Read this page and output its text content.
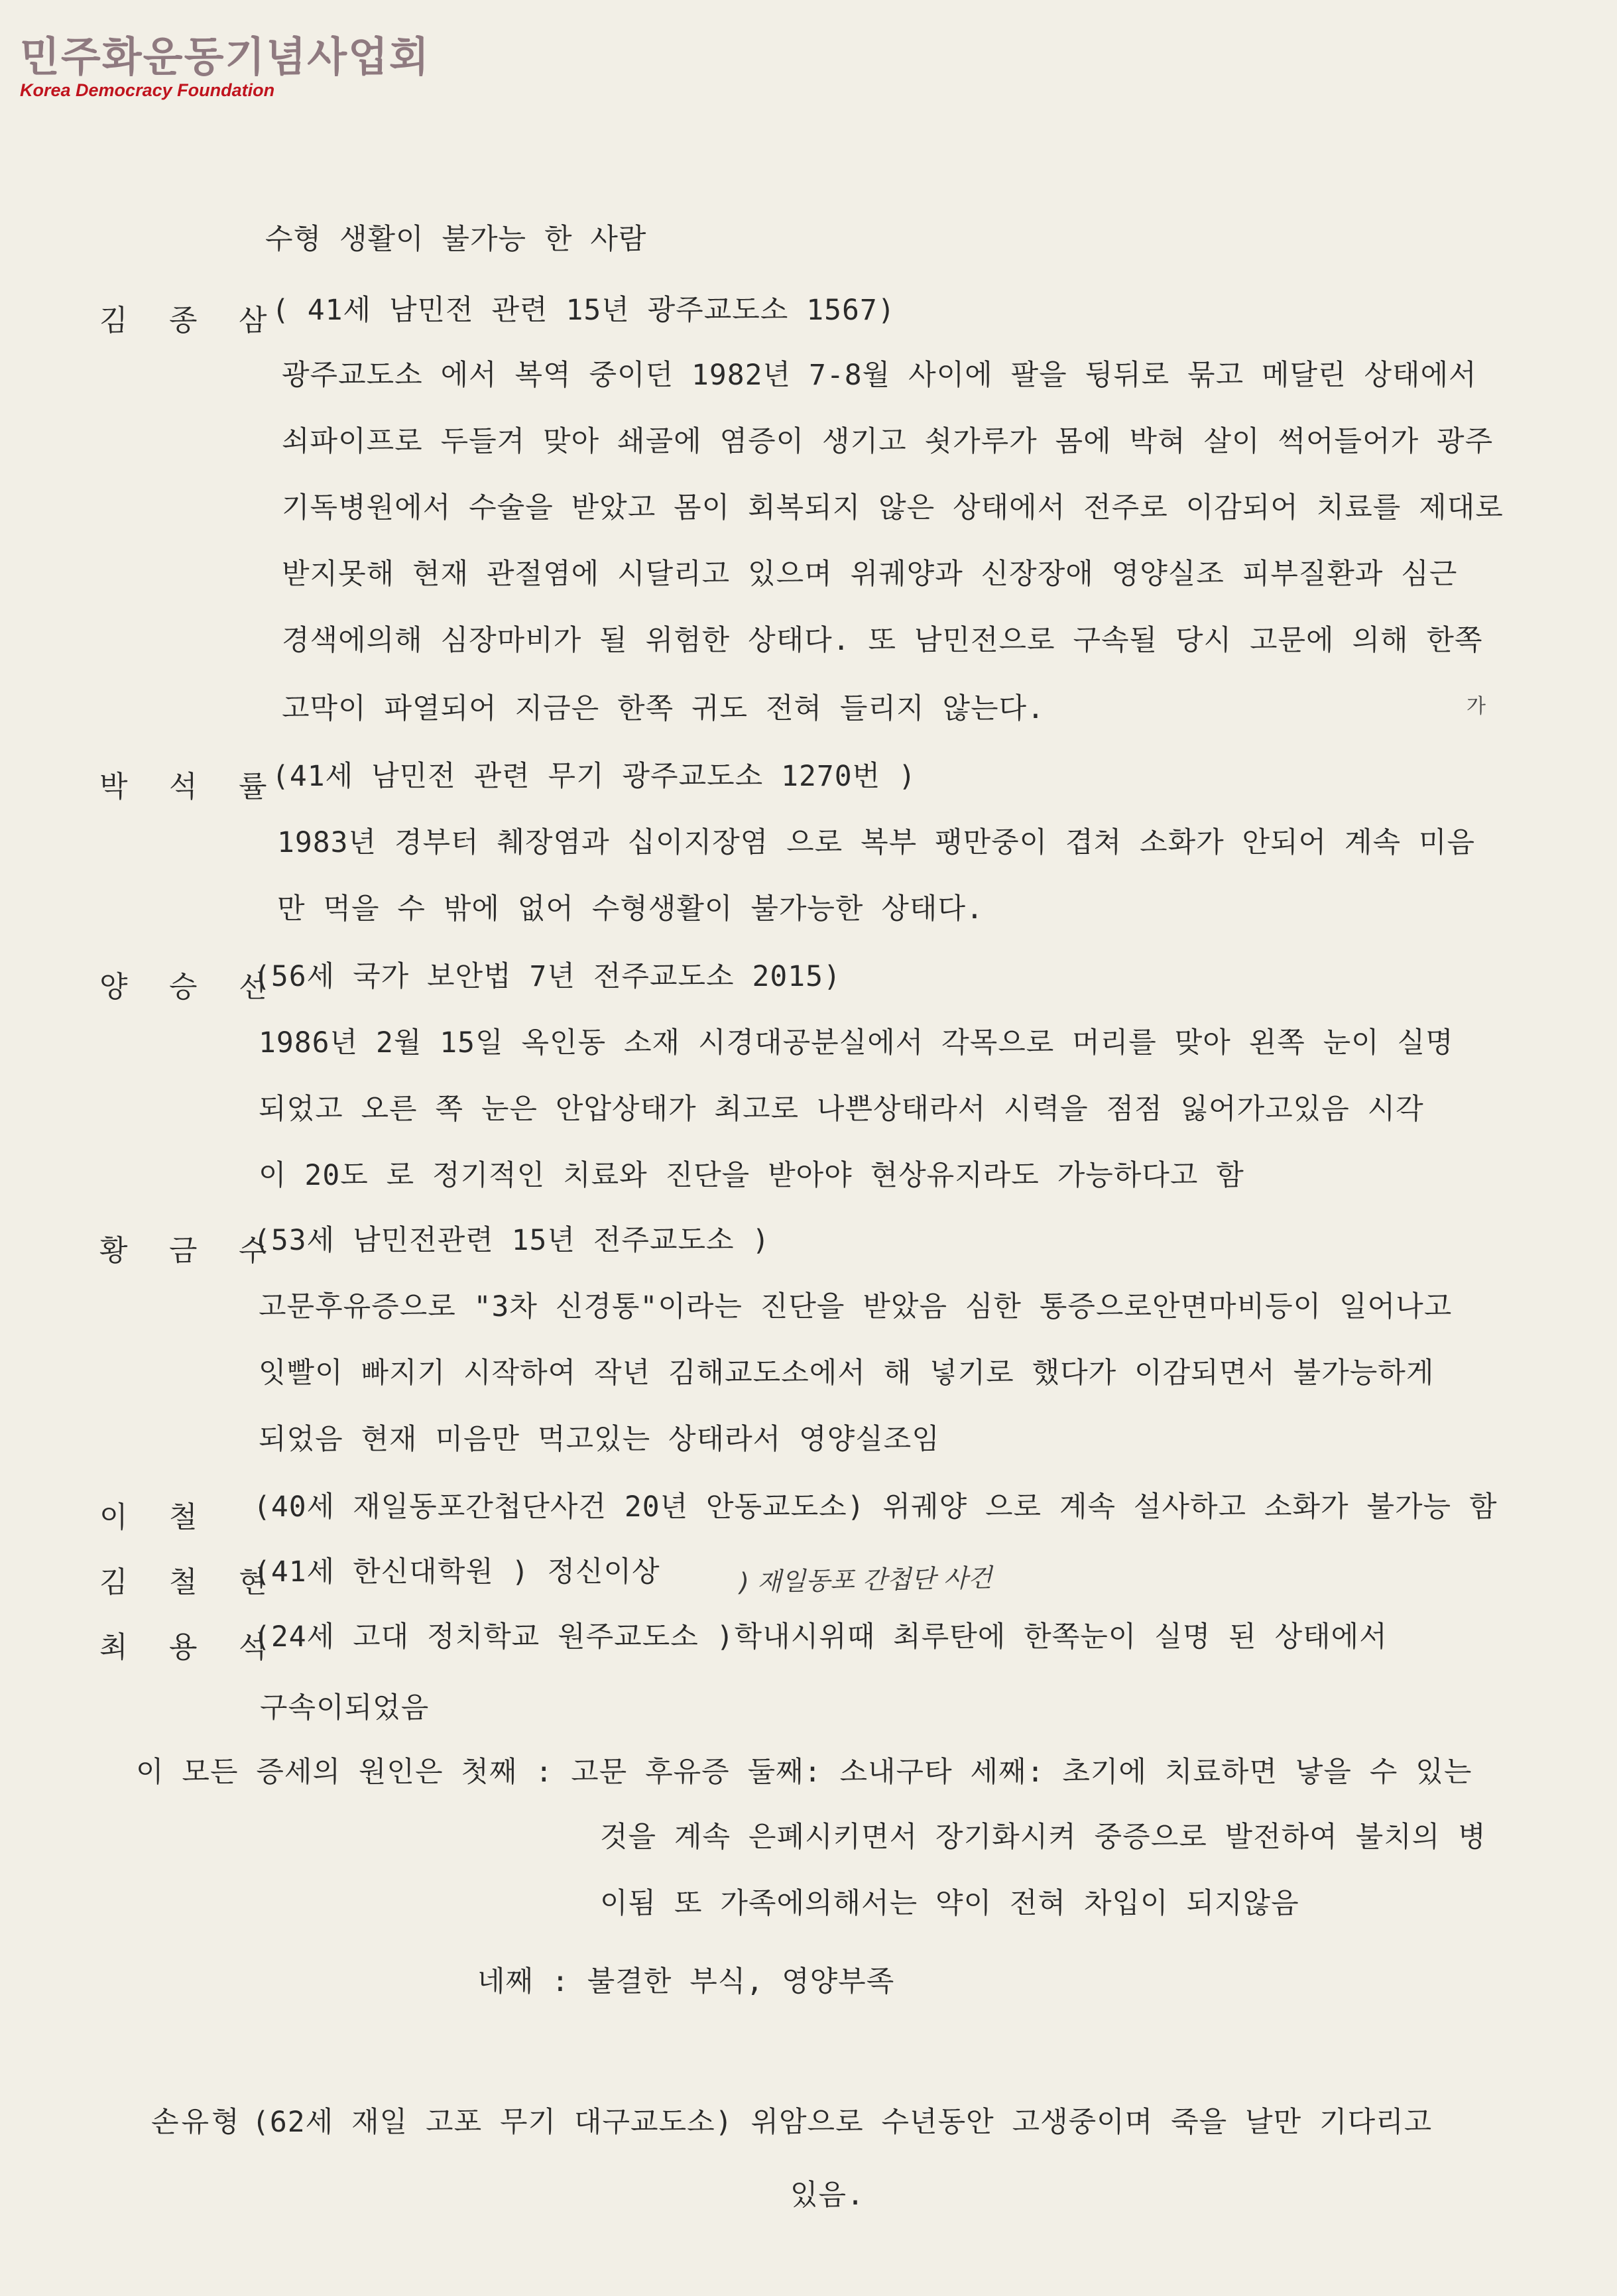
민주화운동기념사업회
Korea Democracy Foundation
수형 생활이 불가능 한 사람
김 종 삼
( 41세 남민전 관련 15년 광주교도소 1567)
광주교도소 에서 복역 중이던 1982년 7-8월 사이에 팔을 뒹뒤로 묶고 메달린 상태에서
쇠파이프로 두들겨 맞아 쇄골에 염증이 생기고 쇳가루가 몸에 박혀 살이 썩어들어가 광주
기독병원에서 수술을 받았고 몸이 회복되지 않은 상태에서 전주로 이감되어 치료를 제대로
받지못해 현재 관절염에 시달리고 있으며 위궤양과 신장장애 영양실조 피부질환과 심근
경색에의해 심장마비가 될 위험한 상태다. 또 남민전으로 구속될 당시 고문에 의해 한쪽
고막이 파열되어 지금은 한쪽 귀도 전혀 들리지 않는다.	가
박 석 률
(41세 남민전 관련 무기 광주교도소 1270번 )
1983년 경부터 췌장염과 십이지장염 으로 복부 팽만중이 겹쳐 소화가 안되어 계속 미음
만 먹을 수 밖에 없어 수형생활이 불가능한 상태다.
양 승 선
(56세 국가 보안법 7년 전주교도소 2015)
1986년 2월 15일 옥인동 소재 시경대공분실에서 각목으로 머리를 맞아 왼쪽 눈이 실명
되었고 오른 쪽 눈은 안압상태가 최고로 나쁜상태라서 시력을 점점 잃어가고있음 시각
이 20도 로 정기적인 치료와 진단을 받아야 현상유지라도 가능하다고 함
황 금 수
(53세 남민전관련 15년 전주교도소 )
고문후유증으로 "3차 신경통"이라는 진단을 받았음 심한 통증으로안면마비등이 일어나고
잇빨이 빠지기 시작하여 작년 김해교도소에서 해 넣기로 했다가 이감되면서 불가능하게
되었음 현재 미음만 먹고있는 상태라서 영양실조임
이 철 (40세 재일동포간첩단사건 20년 안동교도소) 위궤양 으로 계속 설사하고 소화가 불가능 함
김 철 현
(41세 한신대학원 ) 정신이상	) 재일동포 간첩단 사건
최 용 석
(24세 고대 정치학교 원주교도소 )학내시위때 최루탄에 한쪽눈이 실명 된 상태에서
구속이되었음
이 모든 증세의 원인은 첫째 : 고문 후유증 둘째: 소내구타 세째: 초기에 치료하면 낳을 수 있는
것을 계속 은폐시키면서 장기화시켜 중증으로 발전하여 불치의 병
이됨 또 가족에의해서는 약이 전혀 차입이 되지않음
네째 : 불결한 부식, 영양부족
손유형 (62세 재일 고포 무기 대구교도소) 위암으로 수년동안 고생중이며 죽을 날만 기다리고
있음.
